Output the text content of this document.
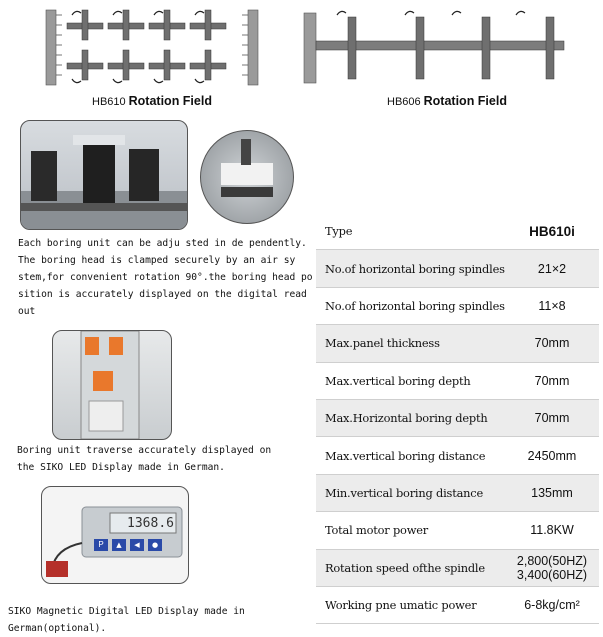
HB610 Rotation Field	HB606 Rotation Field
Each boring unit can be adju sted in de pendently. The boring head is clamped securely by an air sy stem,for convenient rotation 90°.the boring head po sition is accurately displayed on the digital read out
Boring unit traverse accurately displayed on the SIKO LED Display made in German.
1368.6
P	▲	◀	●
SIKO Magnetic Digital LED Display made in German(optional).
Type	HB610i
No.of horizontal boring spindles	21×2
No.of horizontal boring spindles	11×8
Max.panel thickness	70mm
Max.vertical boring depth	70mm
Max.Horizontal boring depth	70mm
Max.vertical boring distance	2450mm
Min.vertical boring distance	135mm
Total motor power	11.8KW
Rotation speed ofthe spindle	2,800(50HZ)
3,400(60HZ)
Working pne umatic power	6-8kg/cm²
